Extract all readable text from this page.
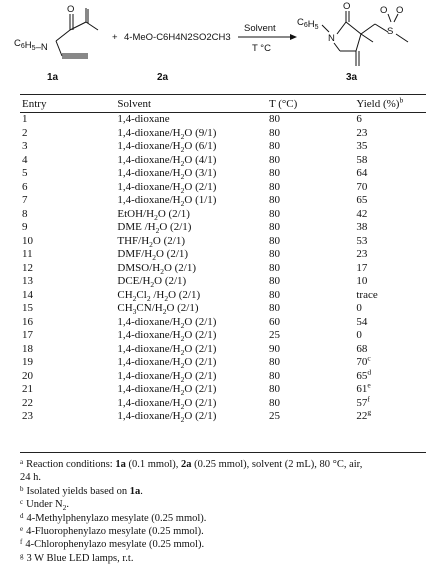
O
$C_6H_5-N$
1a
+ 4-MeO-C6H4N2SO2CH3
2a
Solvent
T °C
$C_6H_5$
N
O
S
O O
3a
Entry	Solvent	T (°C)	Yield (%)$^b$
1	1,4-dioxane	80	6
2	$1,4-dioxane/H_2O$ (9/1)	80	23
3	$1,4-dioxane/H_2O$ (6/1)	80	35
4	$1,4-dioxane/H_2O$ (4/1)	80	58
5	$1,4-dioxane/H_2O$ (3/1)	80	64
6	$1,4-dioxane/H_2O$ (2/1)	80	70
7	$1,4-dioxane/H_2O$ (1/1)	80	65
8	EtOH/$H_2O$ (2/1)	80	42
9	DME $/H_2O$ (2/1)	80	38
10	THF/$H_2O$ (2/1)	80	53
11	DMF/$H_2O$ (2/1)	80	23
12	DMSO/$H_2O$ (2/1)	80	17
13	DCE/$H_2O$ (2/1)	80	10
14	$CH_2Cl_2$ $/H_2O$ (2/1)	80	trace
15	$CH_3CN/H_2O$ (2/1)	80	0
16	$1,4-dioxane/H_2O$ (2/1)	60	54
17	$1,4-dioxane/H_2O$ (2/1)	25	0
18	$1,4-dioxane/H_2O$ (2/1)	90	68
19	$1,4-dioxane/H_2O$ (2/1)	80	70$^c$
20	$1,4-dioxane/H_2O$ (2/1)	80	65$^d$
21	$1,4-dioxane/H_2O$ (2/1)	80	61e
22	$1,4-dioxane/H_2O$ (2/1)	80	57$^f$
23	$1,4-dioxane/H_2O$ (2/1)	25	22$^g$
$^a$ Reaction conditions: 1a (0.1 mmol), 2a (0.25 mmol), solvent (2 mL), 80 °C, air,
24 h.
$^b$ Isolated yields based on 1a.
$^c$ Under $N_2$.
$^d$ 4-Methylphenylazo mesylate (0.25 mmol).
$^e$ 4-Fluorophenylazo mesylate (0.25 mmol).
$^f$ 4-Chlorophenylazo mesylate (0.25 mmol).
$^g$ 3 W Blue LED lamps, r.t.
